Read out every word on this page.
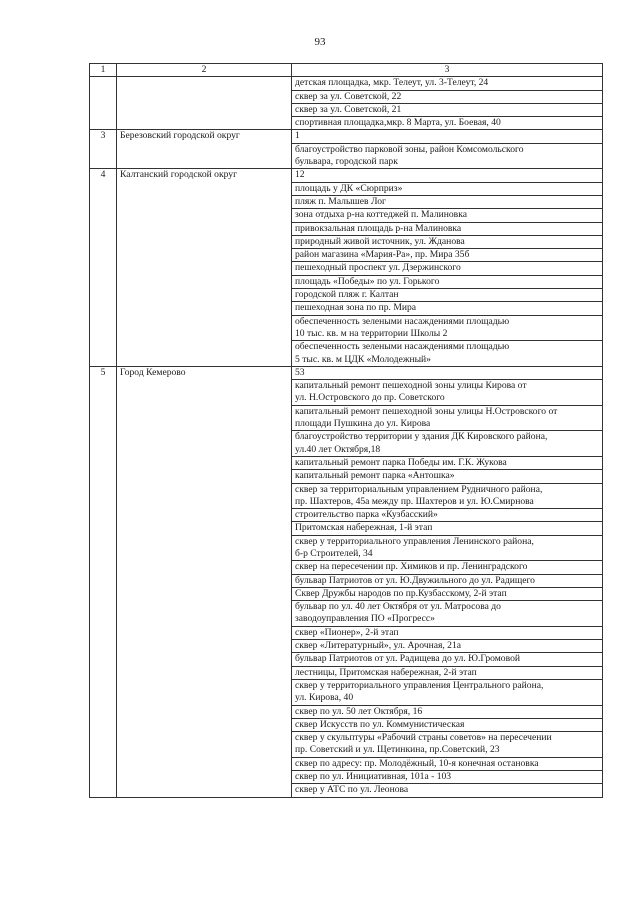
93
1	2	3
		детская площадка, мкр. Телеут, ул. 3-Телеут, 24
		сквер за ул. Советской, 22
		сквер за ул. Советской, 21
		спортивная площадка,мкр. 8 Марта, ул. Боевая, 40
3	Березовский городской округ	1
		благоустройство парковой зоны, район Комсомольского
бульвара, городской парк
4	Калтанский городской округ	12
		площадь у ДК «Сюрприз»
		пляж п. Малышев Лог
		зона отдыха р-на коттеджей п. Малиновка
		привокзальная площадь р-на Малиновка
		природный живой источник, ул. Жданова
		район магазина «Мария-Ра», пр. Мира 35б
		пешеходный проспект ул. Дзержинского
		площадь «Победы» по ул. Горького
		городской пляж г. Калтан
		пешеходная зона по пр. Мира
		обеспеченность зелеными насаждениями площадью
10 тыс. кв. м на территории Школы 2
		обеспеченность зелеными насаждениями площадью
5 тыс. кв. м ЦДК «Молодежный»
5	Город Кемерово	53
		капитальный ремонт пешеходной зоны улицы Кирова от
ул. Н.Островского до пр. Советского
		капитальный ремонт пешеходной зоны улицы Н.Островского от
площади Пушкина до ул. Кирова
		благоустройство территории у здания ДК Кировского района,
ул.40 лет Октября,18
		капитальный ремонт парка Победы им. Г.К. Жукова
		капитальный ремонт парка «Антошка»
		сквер за территориальным управлением Рудничного района,
пр. Шахтеров, 45а между пр. Шахтеров и ул. Ю.Смирнова
		строительство парка «Кузбасский»
		Притомская набережная, 1-й этап
		сквер у территориального управления Ленинского района,
б-р Строителей, 34
		сквер на пересечении пр. Химиков и пр. Ленинградского
		бульвар Патриотов от ул. Ю.Двужильного до ул. Радищего
		Сквер Дружбы народов по пр.Кузбасскому, 2-й этап
		бульвар по ул. 40 лет Октября от ул. Матросова до
заводоуправления ПО «Прогресс»
		сквер «Пионер», 2-й этап
		сквер «Литературный», ул. Арочная, 21а
		бульвар Патриотов от ул. Радищева до ул. Ю.Громовой
		лестницы, Притомская набережная, 2-й этап
		сквер у территориального управления Центрального района,
ул. Кирова, 40
		сквер по ул. 50 лет Октября, 16
		сквер Искусств по ул. Коммунистическая
		сквер у скульптуры «Рабочий страны советов» на пересечении
пр. Советский и ул. Щетинкина, пр.Советский, 23
		сквер по адресу: пр. Молодёжный, 10-я конечная остановка
		сквер по ул. Инициативная, 101а - 103
		сквер у АТС по ул. Леонова
